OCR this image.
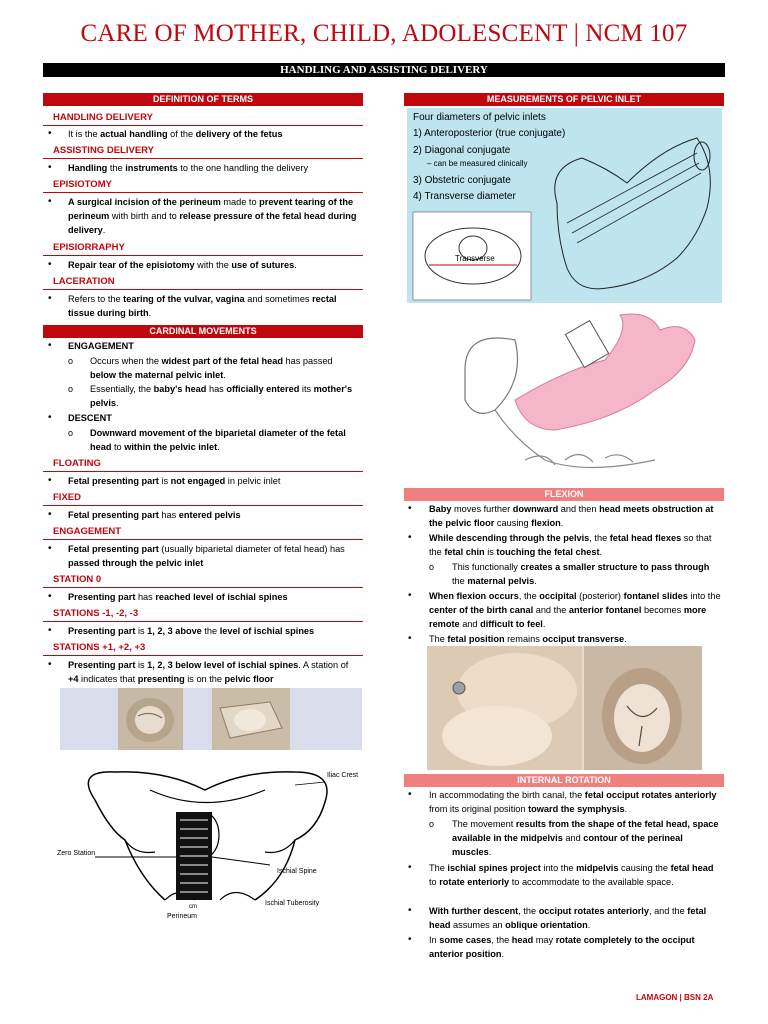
CARE OF MOTHER, CHILD, ADOLESCENT | NCM 107
HANDLING AND ASSISTING DELIVERY
DEFINITION OF TERMS
HANDLING DELIVERY
• It is the actual handling of the delivery of the fetus
ASSISTING DELIVERY
• Handling the instruments to the one handling the delivery
EPISIOTOMY
• A surgical incision of the perineum made to prevent tearing of the perineum with birth and to release pressure of the fetal head during delivery.
EPISIORRAPHY
• Repair tear of the episiotomy with the use of sutures.
LACERATION
• Refers to the tearing of the vulvar, vagina and sometimes rectal tissue during birth.
CARDINAL MOVEMENTS
• ENGAGEMENT
o Occurs when the widest part of the fetal head has passed below the maternal pelvic inlet.
o Essentially, the baby's head has officially entered its mother's pelvis.
• DESCENT
o Downward movement of the biparietal diameter of the fetal head to within the pelvic inlet.
FLOATING
• Fetal presenting part is not engaged in pelvic inlet
FIXED
• Fetal presenting part has entered pelvis
ENGAGEMENT
• Fetal presenting part (usually biparietal diameter of fetal head) has passed through the pelvic inlet
STATION 0
• Presenting part has reached level of ischial spines
STATIONS -1, -2, -3
• Presenting part is 1, 2, 3 above the level of ischial spines
STATIONS +1, +2, +3
• Presenting part is 1, 2, 3 below level of ischial spines. A station of +4 indicates that presenting is on the pelvic floor
Iliac Crest
Zero Station
Ischial Spine
Ischial Tuberosity
cm
Perineum
MEASUREMENTS OF PELVIC INLET
Four diameters of pelvic inlets
1) Anteroposterior (true conjugate)
2) Diagonal conjugate
– can be measured clinically
3) Obstetric conjugate
4) Transverse diameter
Transverse
FLEXION
• Baby moves further downward and then head meets obstruction at the pelvic floor causing flexion.
• While descending through the pelvis, the fetal head flexes so that the fetal chin is touching the fetal chest.
o This functionally creates a smaller structure to pass through the maternal pelvis.
• When flexion occurs, the occipital (posterior) fontanel slides into the center of the birth canal and the anterior fontanel becomes more remote and difficult to feel.
• The fetal position remains occiput transverse.
INTERNAL ROTATION
• In accommodating the birth canal, the fetal occiput rotates anteriorly from its original position toward the symphysis.
o The movement results from the shape of the fetal head, space available in the midpelvis and contour of the perineal muscles.
• The ischial spines project into the midpelvis causing the fetal head to rotate enteriorly to accommodate to the available space.
• With further descent, the occiput rotates anteriorly, and the fetal head assumes an oblique orientation.
• In some cases, the head may rotate completely to the occiput anterior position.
LAMAGON | BSN 2A
